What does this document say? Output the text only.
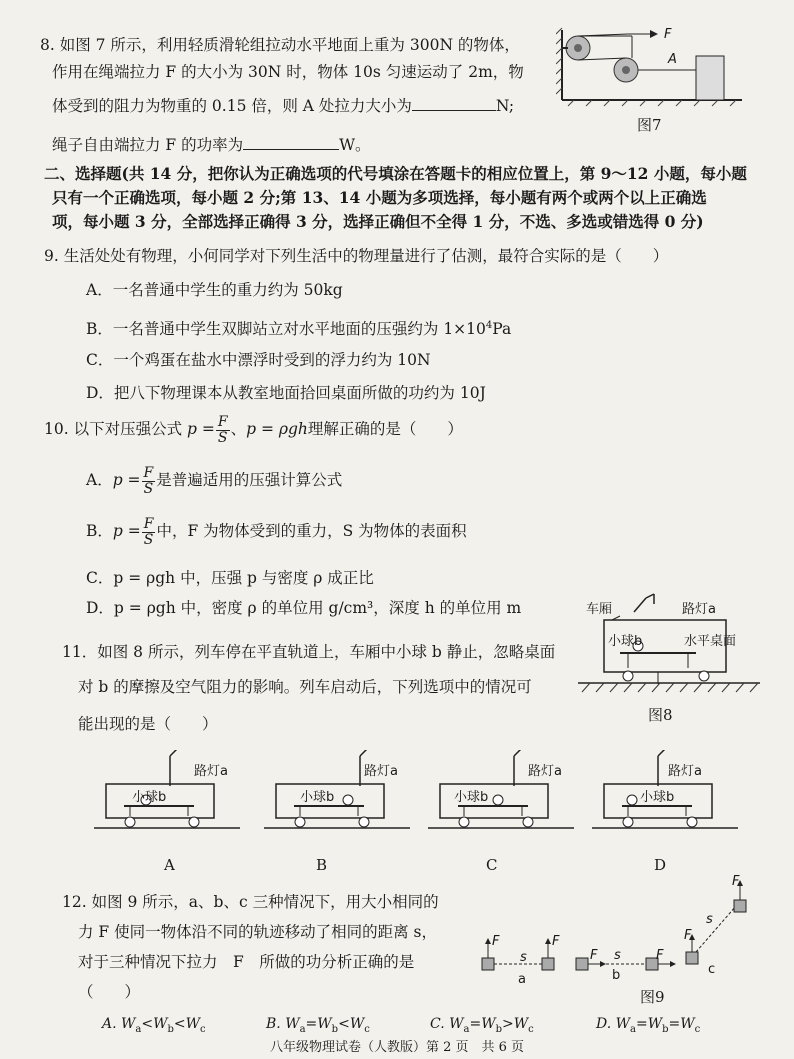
8. 如图 7 所示，利用轻质滑轮组拉动水平地面上重为 300N 的物体，
作用在绳端拉力 F 的大小为 30N 时，物体 10s 匀速运动了 2m，物
体受到的阻力为物重的 0.15 倍，则 A 处拉力大小为	N;
绳子自由端拉力 F 的功率为	W。
F
A
图7
二、选择题(共 14 分，把你认为正确选项的代号填涂在答题卡的相应位置上，第 9～12 小题，每小题
只有一个正确选项，每小题 2 分;第 13、14 小题为多项选择，每小题有两个或两个以上正确选
项，每小题 3 分，全部选择正确得 3 分，选择正确但不全得 1 分，不选、多选或错选得 0 分)
9. 生活处处有物理，小何同学对下列生活中的物理量进行了估测，最符合实际的是（　　）
A．一名普通中学生的重力约为 50kg
B．一名普通中学生双脚站立对水平地面的压强约为 $1\times 10^4Pa$
C．一个鸡蛋在盐水中漂浮时受到的浮力约为 10N
D．把八下物理课本从教室地面拾回桌面所做的功约为 10J
10. 以下对压强公式 $p = \frac{F}{S}$ 、p = ρgh理解正确的是（　　）
A．$p = \frac{F}{S}$ 是普遍适用的压强计算公式
B．$p = \frac{F}{S}$ 中，F 为物体受到的重力，S 为物体的表面积
C．p = ρgh 中，压强 p 与密度 ρ 成正比
D．p = ρgh 中，密度 ρ 的单位用 g/cm³，深度 h 的单位用 m	车厢	路灯a
小球b	水平桌面
图8
11．如图 8 所示，列车停在平直轨道上，车厢中小球 b 静止，忽略桌面
对 b 的摩擦及空气阻力的影响。列车启动后，下列选项中的情况可
能出现的是（　　）
路灯a
小球b
路灯a
小球b
路灯a
小球b
路灯a
小球b
A	B	C	D
12. 如图 9 所示，a、b、c 三种情况下，用大小相同的
力 F 使同一物体沿不同的轨迹移动了相同的距离 s，
对于三种情况下拉力　F　所做的功分析正确的是
（　　）
F
s
F
a
F s	F
b
F
s
F
c
图9
A. $W_a<W_b<W_c$	B. $W_a=W_b<W_c$	C. $W_a=W_b>W_c$	D. $W_a=W_b=W_c$
八年级物理试卷（人教版）第 2 页　共 6 页
